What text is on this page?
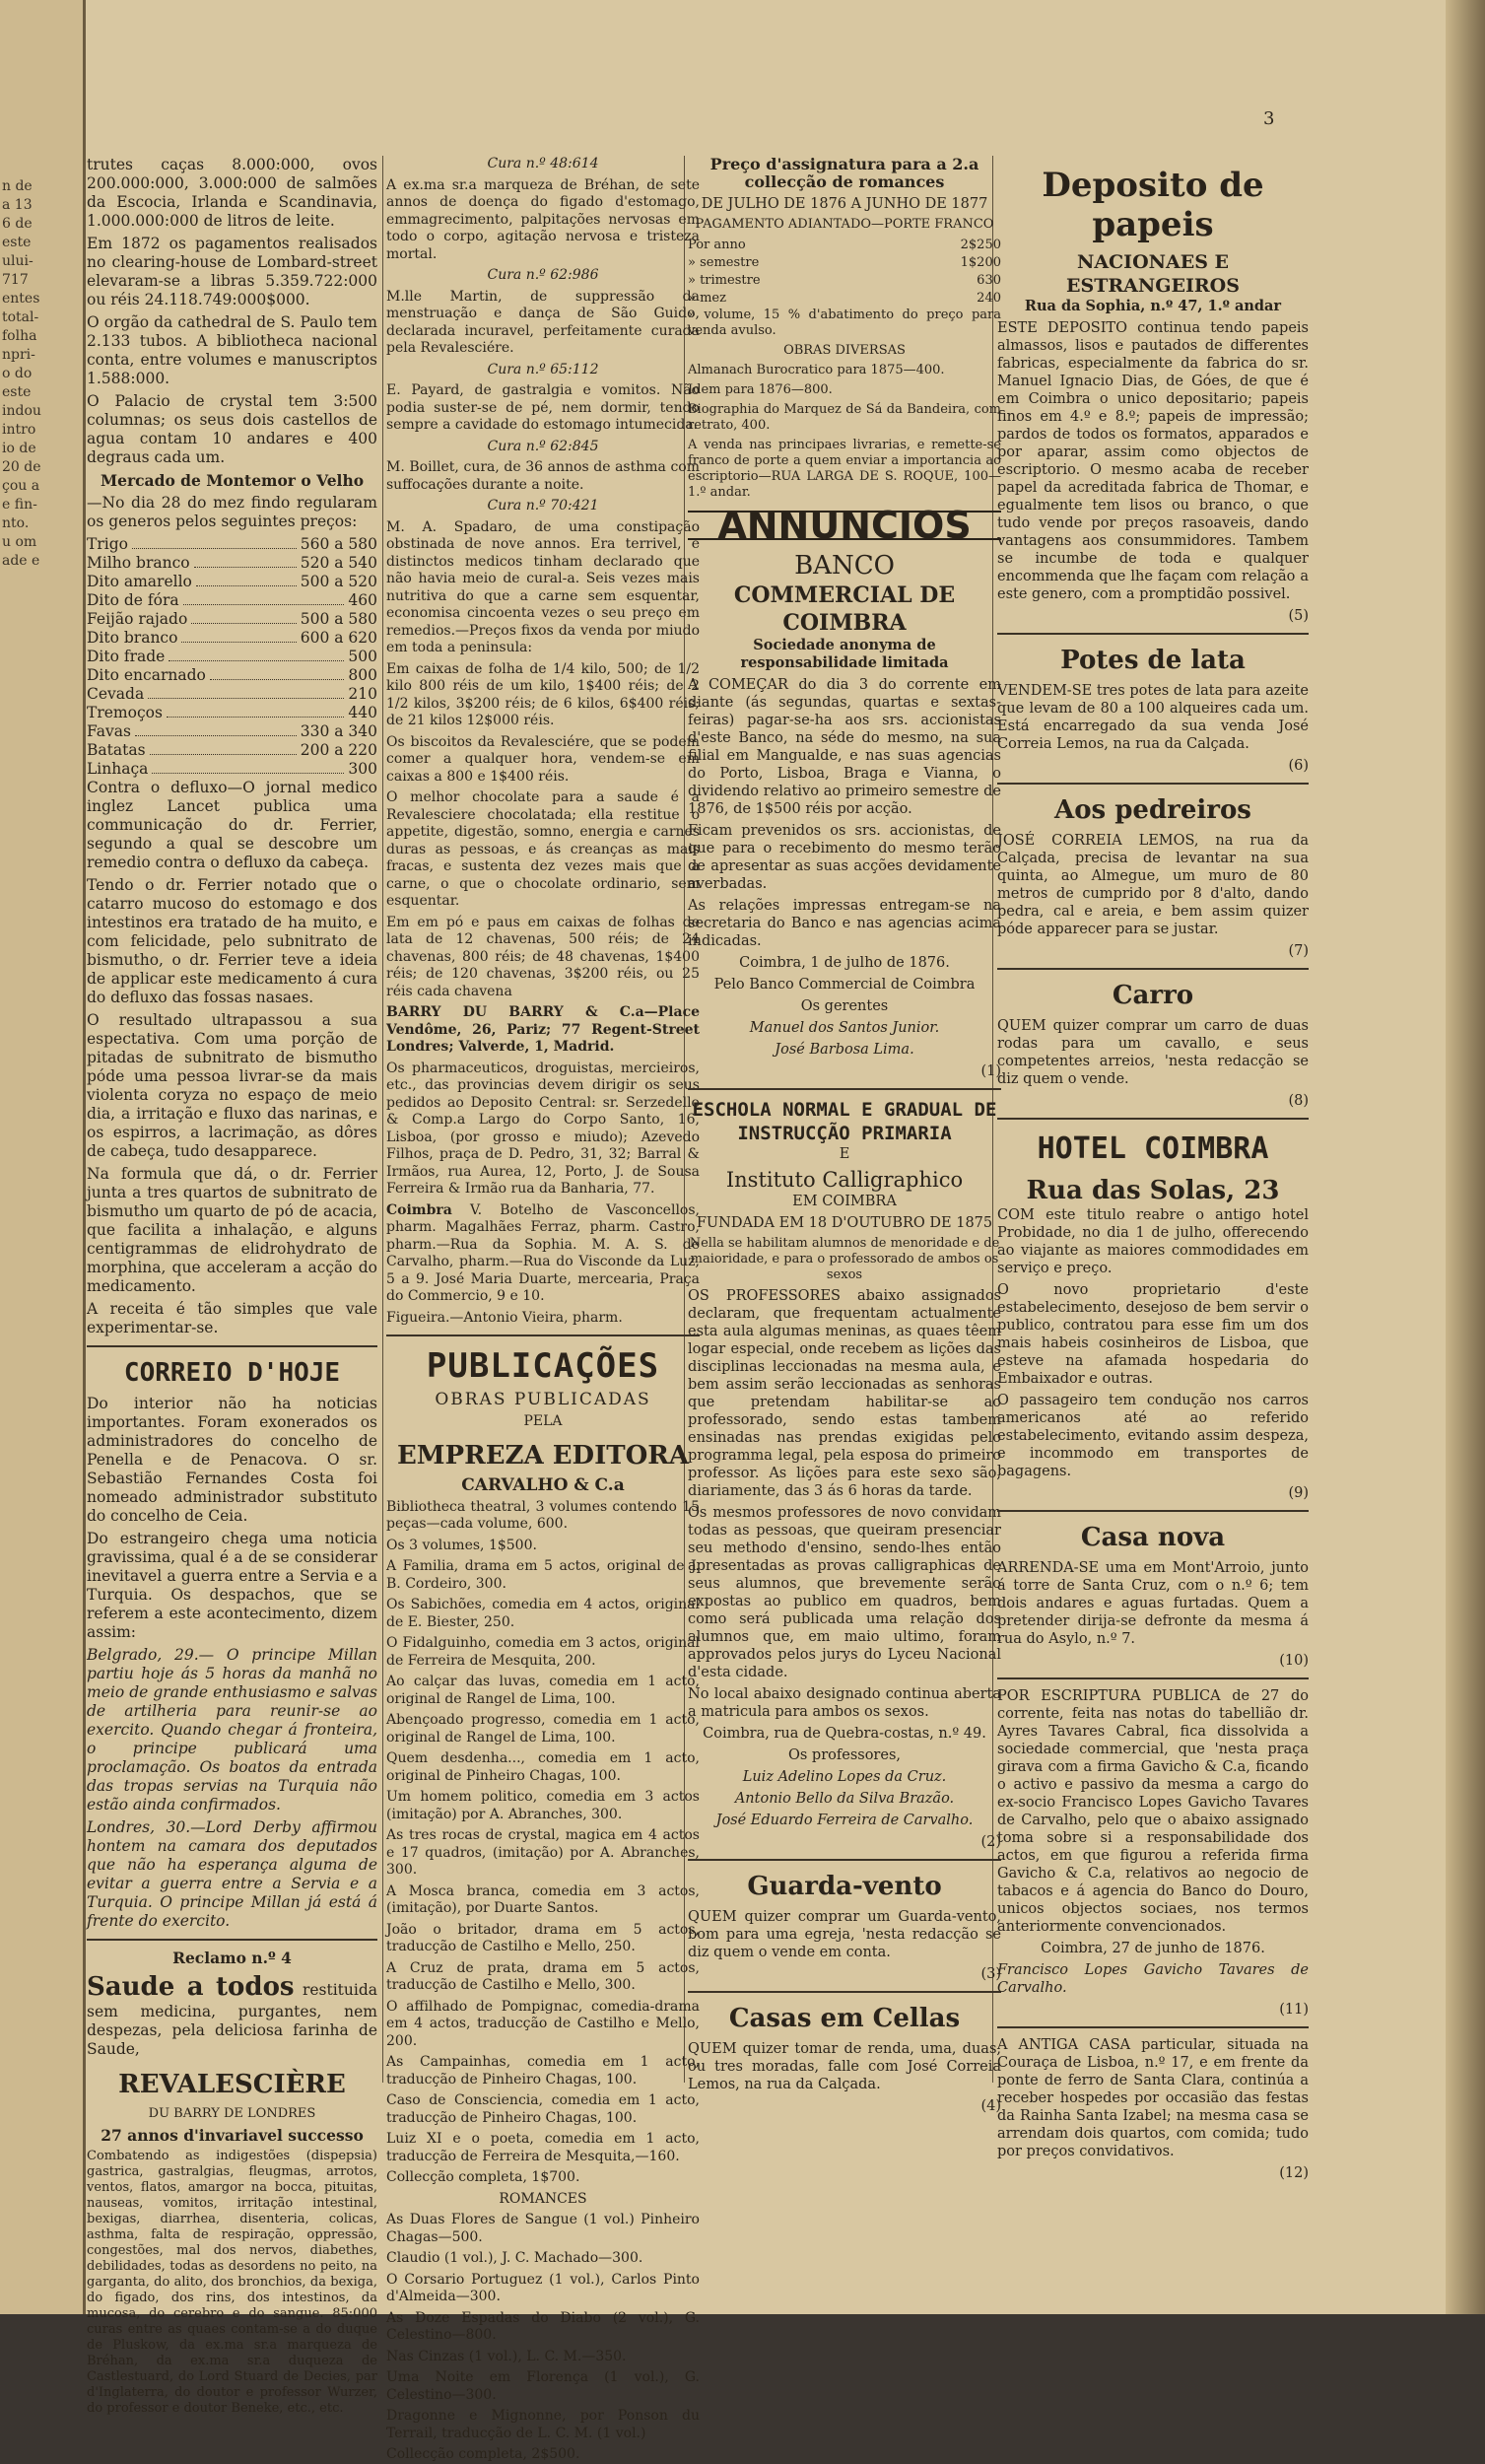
n de
a 13
6 de
este
ului-
717
entes
total-
folha
npri-
o do
este
indou
intro
io de
20 de
çou a
e fin-
nto.
u om
ade e
3

trutes caças 8.000:000, ovos 200.000:000, 3.000:000 de salmões da Escocia, Irlanda e Scandinavia, 1.000.000:000 de litros de leite.

Em 1872 os pagamentos realisados no clearing-house de Lombard-street elevaram-se a libras 5.359.722:000 ou réis 24.118.749:000$000.

O orgão da cathedral de S. Paulo tem 2.133 tubos. A bibliotheca nacional conta, entre volumes e manuscriptos 1.588:000.

O Palacio de crystal tem 3:500 columnas; os seus dois castellos de agua contam 10 andares e 400 degraus cada um.

Mercado de Montemor o Velho

—No dia 28 do mez findo regularam os generos pelos seguintes preços:

Trigo	560 a 580
Milho branco	520 a 540
Dito amarello	500 a 520
Dito de fóra	460
Feijão rajado	500 a 580
Dito branco	600 a 620
Dito frade	500
Dito encarnado	800
Cevada	210
Tremoços	440
Favas	330 a 340
Batatas	200 a 220
Linhaça	300

Contra o defluxo—O jornal medico inglez Lancet publica uma communicação do dr. Ferrier, segundo a qual se descobre um remedio contra o defluxo da cabeça.

Tendo o dr. Ferrier notado que o catarro mucoso do estomago e dos intestinos era tratado de ha muito, e com felicidade, pelo subnitrato de bismutho, o dr. Ferrier teve a ideia de applicar este medicamento á cura do defluxo das fossas nasaes.

O resultado ultrapassou a sua espectativa. Com uma porção de pitadas de subnitrato de bismutho póde uma pessoa livrar-se da mais violenta coryza no espaço de meio dia, a irritação e fluxo das narinas, e os espirros, a lacrimação, as dôres de cabeça, tudo desapparece.

Na formula que dá, o dr. Ferrier junta a tres quartos de subnitrato de bismutho um quarto de pó de acacia, que facilita a inhalação, e alguns centigrammas de elidrohydrato de morphina, que acceleram a acção do medicamento.

A receita é tão simples que vale experimentar-se.

CORREIO D'HOJE

Do interior não ha noticias importantes. Foram exonerados os administradores do concelho de Penella e de Penacova. O sr. Sebastião Fernandes Costa foi nomeado administrador substituto do concelho de Ceia.

Do estrangeiro chega uma noticia gravissima, qual é a de se considerar inevitavel a guerra entre a Servia e a Turquia. Os despachos, que se referem a este acontecimento, dizem assim:

Belgrado, 29.— O principe Millan partiu hoje ás 5 horas da manhã no meio de grande enthusiasmo e salvas de artilheria para reunir-se ao exercito. Quando chegar á fronteira, o principe publicará uma proclamação. Os boatos da entrada das tropas servias na Turquia não estão ainda confirmados.

Londres, 30.—Lord Derby affirmou hontem na camara dos deputados que não ha esperança alguma de evitar a guerra entre a Servia e a Turquia. O principe Millan já está á frente do exercito.

Reclamo n.º 4

Saude a todos restituida sem medicina, purgantes, nem despezas, pela deliciosa farinha de Saude,

REVALESCIÈRE

DU BARRY DE LONDRES

27 annos d'invariavel successo

Combatendo as indigestões (dispepsia) gastrica, gastralgias, fleugmas, arrotos, ventos, flatos, amargor na bocca, pituitas, nauseas, vomitos, irritação intestinal, bexigas, diarrhea, disenteria, colicas, asthma, falta de respiração, oppressão, congestões, mal dos nervos, diabethes, debilidades, todas as desordens no peito, na garganta, do alito, dos bronchios, da bexiga, do figado, dos rins, dos intestinos, da mucosa, do cerebro e do sangue. 85:000 curas entre as quaes contam-se a do duque de Pluskow, da ex.ma sr.a marqueza de Bréhan, da ex.ma sr.a duqueza de Castlestuard, do Lord Stuard de Decies, par d'Inglaterra, do doutor e professor Wurzer, do professor e doutor Beneke, etc., etc.

Cura n.º 48:614

A ex.ma sr.a marqueza de Bréhan, de sete annos de doença do figado d'estomago, emmagrecimento, palpitações nervosas em todo o corpo, agitação nervosa e tristeza mortal.

Cura n.º 62:986

M.lle Martin, de suppressão da menstruação e dança de São Guido, declarada incuravel, perfeitamente curada pela Revalesciére.

Cura n.º 65:112

E. Payard, de gastralgia e vomitos. Não podia suster-se de pé, nem dormir, tendo sempre a cavidade do estomago intumecida.

Cura n.º 62:845

M. Boillet, cura, de 36 annos de asthma com suffocações durante a noite.

Cura n.º 70:421

M. A. Spadaro, de uma constipação obstinada de nove annos. Era terrivel, e distinctos medicos tinham declarado que não havia meio de cural-a. Seis vezes mais nutritiva do que a carne sem esquentar, economisa cincoenta vezes o seu preço em remedios.—Preços fixos da venda por miudo em toda a peninsula:

Em caixas de folha de 1/4 kilo, 500; de 1/2 kilo 800 réis de um kilo, 1$400 réis; de 2 1/2 kilos, 3$200 réis; de 6 kilos, 6$400 réis; de 21 kilos 12$000 réis.

Os biscoitos da Revalesciére, que se podem comer a qualquer hora, vendem-se em caixas a 800 e 1$400 réis.

O melhor chocolate para a saude é a Revalesciere chocolatada; ella restitue o appetite, digestão, somno, energia e carnes duras as pessoas, e ás creanças as mais fracas, e sustenta dez vezes mais que a carne, o que o chocolate ordinario, sem esquentar.

Em em pó e paus em caixas de folhas de lata de 12 chavenas, 500 réis; de 24 chavenas, 800 réis; de 48 chavenas, 1$400 réis; de 120 chavenas, 3$200 réis, ou 25 réis cada chavena

BARRY DU BARRY & C.a—Place Vendôme, 26, Pariz; 77 Regent-Street Londres; Valverde, 1, Madrid.

Os pharmaceuticos, droguistas, mercieiros, etc., das provincias devem dirigir os seus pedidos ao Deposito Central: sr. Serzedello & Comp.a Largo do Corpo Santo, 16, Lisboa, (por grosso e miudo); Azevedo Filhos, praça de D. Pedro, 31, 32; Barral & Irmãos, rua Aurea, 12, Porto, J. de Sousa Ferreira & Irmão rua da Banharia, 77.

Coimbra V. Botelho de Vasconcellos, pharm. Magalhães Ferraz, pharm. Castro, pharm.—Rua da Sophia. M. A. S. de Carvalho, pharm.—Rua do Visconde da Luz, 5 a 9. José Maria Duarte, mercearia, Praça do Commercio, 9 e 10.

Figueira.—Antonio Vieira, pharm.

PUBLICAÇÕES

OBRAS PUBLICADAS

PELA

EMPREZA EDITORA

CARVALHO & C.a

Bibliotheca theatral, 3 volumes contendo 15 peças—cada volume, 600.

Os 3 volumes, 1$500.

A Familia, drama em 5 actos, original de J. B. Cordeiro, 300.

Os Sabichões, comedia em 4 actos, original de E. Biester, 250.

O Fidalguinho, comedia em 3 actos, original de Ferreira de Mesquita, 200.

Ao calçar das luvas, comedia em 1 acto, original de Rangel de Lima, 100.

Abençoado progresso, comedia em 1 acto, original de Rangel de Lima, 100.

Quem desdenha..., comedia em 1 acto, original de Pinheiro Chagas, 100.

Um homem politico, comedia em 3 actos (imitação) por A. Abranches, 300.

As tres rocas de crystal, magica em 4 actos e 17 quadros, (imitação) por A. Abranches, 300.

A Mosca branca, comedia em 3 actos, (imitação), por Duarte Santos.

João o britador, drama em 5 actos, traducção de Castilho e Mello, 250.

A Cruz de prata, drama em 5 actos, traducção de Castilho e Mello, 300.

O affilhado de Pompignac, comedia-drama em 4 actos, traducção de Castilho e Mello, 200.

As Campainhas, comedia em 1 acto, traducção de Pinheiro Chagas, 100.

Caso de Consciencia, comedia em 1 acto, traducção de Pinheiro Chagas, 100.

Luiz XI e o poeta, comedia em 1 acto, traducção de Ferreira de Mesquita,—160.

Collecção completa, 1$700.

ROMANCES

As Duas Flores de Sangue (1 vol.) Pinheiro Chagas—500.

Claudio (1 vol.), J. C. Machado—300.

O Corsario Portuguez (1 vol.), Carlos Pinto d'Almeida—300.

As Doze Espadas do Diabo (2 vol.), G. Celestino—800.

Nas Cinzas (1 vol.), L. C. M.—350.

Uma Noite em Florença (1 vol.), G. Celestino—300.

Dragonne e Mignonne, por Ponson du Terrail, traducção de L. C. M. (1 vol.)

Collecção completa, 2$500.

Preço d'assignatura para a 2.a collecção de romances

DE JULHO DE 1876 A JUNHO DE 1877

PAGAMENTO ADIANTADO—PORTE FRANCO

Por anno	2$250
» semestre	1$200
» trimestre	630
» mez	240

» volume, 15 % d'abatimento do preço para venda avulso.

OBRAS DIVERSAS

Almanach Burocratico para 1875—400.

Idem para 1876—800.

Biographia do Marquez de Sá da Bandeira, com retrato, 400.

A venda nas principaes livrarias, e remette-se franco de porte a quem enviar a importancia ao escriptorio—RUA LARGA DE S. ROQUE, 100—1.º andar.

ANNUNCIOS
BANCO
COMMERCIAL DE COIMBRA

Sociedade anonyma de responsabilidade limitada

A COMEÇAR do dia 3 do corrente em diante (ás segundas, quartas e sextas-feiras) pagar-se-ha aos srs. accionistas d'este Banco, na séde do mesmo, na sua filial em Mangualde, e nas suas agencias do Porto, Lisboa, Braga e Vianna, o dividendo relativo ao primeiro semestre de 1876, de 1$500 réis por acção.

Ficam prevenidos os srs. accionistas, de que para o recebimento do mesmo terão de apresentar as suas acções devidamente averbadas.

As relações impressas entregam-se na secretaria do Banco e nas agencias acima indicadas.

Coimbra, 1 de julho de 1876.

Pelo Banco Commercial de Coimbra

Os gerentes

Manuel dos Santos Junior.

José Barbosa Lima.

(1)

ESCHOLA NORMAL E GRADUAL DE INSTRUCÇÃO PRIMARIA

E

Instituto Calligraphico

EM COIMBRA

FUNDADA EM 18 D'OUTUBRO DE 1875

Nella se habilitam alumnos de menoridade e de maioridade, e para o professorado de ambos os sexos

OS PROFESSORES abaixo assignados declaram, que frequentam actualmente esta aula algumas meninas, as quaes têem logar especial, onde recebem as lições das disciplinas leccionadas na mesma aula, e bem assim serão leccionadas as senhoras que pretendam habilitar-se ao professorado, sendo estas tambem ensinadas nas prendas exigidas pelo programma legal, pela esposa do primeiro professor. As lições para este sexo são, diariamente, das 3 ás 6 horas da tarde.

Os mesmos professores de novo convidam todas as pessoas, que queiram presenciar seu methodo d'ensino, sendo-lhes então apresentadas as provas calligraphicas de seus alumnos, que brevemente serão expostas ao publico em quadros, bem como será publicada uma relação dos alumnos que, em maio ultimo, foram approvados pelos jurys do Lyceu Nacional d'esta cidade.

No local abaixo designado continua aberta a matricula para ambos os sexos.

Coimbra, rua de Quebra-costas, n.º 49.

Os professores,

Luiz Adelino Lopes da Cruz.

Antonio Bello da Silva Brazão.

José Eduardo Ferreira de Carvalho.

(2)

Guarda-vento

QUEM quizer comprar um Guarda-vento, bom para uma egreja, 'nesta redacção se diz quem o vende em conta.

(3)

Casas em Cellas

QUEM quizer tomar de renda, uma, duas, ou tres moradas, falle com José Correia Lemos, na rua da Calçada.

(4)

Deposito de papeis
NACIONAES E ESTRANGEIROS

Rua da Sophia, n.º 47, 1.º andar

ESTE DEPOSITO continua tendo papeis almassos, lisos e pautados de differentes fabricas, especialmente da fabrica do sr. Manuel Ignacio Dias, de Góes, de que é em Coimbra o unico depositario; papeis finos em 4.º e 8.º; papeis de impressão; pardos de todos os formatos, apparados e por aparar, assim como objectos de escriptorio. O mesmo acaba de receber papel da acreditada fabrica de Thomar, e egualmente tem lisos ou branco, o que tudo vende por preços rasoaveis, dando vantagens aos consummidores. Tambem se incumbe de toda e qualquer encommenda que lhe façam com relação a este genero, com a promptidão possivel.

(5)

Potes de lata

VENDEM-SE tres potes de lata para azeite que levam de 80 a 100 alqueires cada um. Está encarregado da sua venda José Correia Lemos, na rua da Calçada.

(6)

Aos pedreiros

JOSÉ CORREIA LEMOS, na rua da Calçada, precisa de levantar na sua quinta, ao Almegue, um muro de 80 metros de cumprido por 8 d'alto, dando pedra, cal e areia, e bem assim quizer póde apparecer para se justar.

(7)

Carro

QUEM quizer comprar um carro de duas rodas para um cavallo, e seus competentes arreios, 'nesta redacção se diz quem o vende.

(8)

HOTEL COIMBRA
Rua das Solas, 23

COM este titulo reabre o antigo hotel Probidade, no dia 1 de julho, offerecendo ao viajante as maiores commodidades em serviço e preço.

O novo proprietario d'este estabelecimento, desejoso de bem servir o publico, contratou para esse fim um dos mais habeis cosinheiros de Lisboa, que esteve na afamada hospedaria do Embaixador e outras.

O passageiro tem condução nos carros americanos até ao referido estabelecimento, evitando assim despeza, e incommodo em transportes de bagagens.

(9)

Casa nova

ARRENDA-SE uma em Mont'Arroio, junto á torre de Santa Cruz, com o n.º 6; tem dois andares e aguas furtadas. Quem a pretender dirija-se defronte da mesma á rua do Asylo, n.º 7.

(10)

POR ESCRIPTURA PUBLICA de 27 do corrente, feita nas notas do tabellião dr. Ayres Tavares Cabral, fica dissolvida a sociedade commercial, que 'nesta praça girava com a firma Gavicho & C.a, ficando o activo e passivo da mesma a cargo do ex-socio Francisco Lopes Gavicho Tavares de Carvalho, pelo que o abaixo assignado toma sobre si a responsabilidade dos actos, em que figurou a referida firma Gavicho & C.a, relativos ao negocio de tabacos e á agencia do Banco do Douro, unicos objectos sociaes, nos termos anteriormente convencionados.

Coimbra, 27 de junho de 1876.

Francisco Lopes Gavicho Tavares de Carvalho.

(11)

A ANTIGA CASA particular, situada na Couraça de Lisboa, n.º 17, e em frente da ponte de ferro de Santa Clara, continúa a receber hospedes por occasião das festas da Rainha Santa Izabel; na mesma casa se arrendam dois quartos, com comida; tudo por preços convidativos.

(12)
